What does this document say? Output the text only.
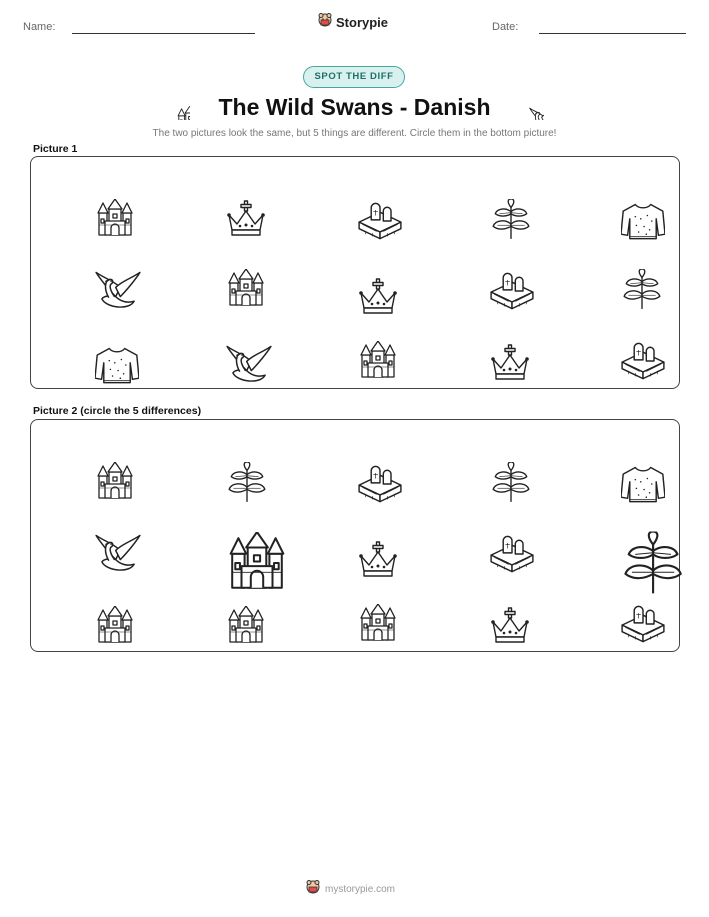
Name:	Storypie	Date:
SPOT THE DIFF
The Wild Swans - Danish
The two pictures look the same, but 5 things are different. Circle them in the bottom picture!
Picture 1
Picture 2 (circle the 5 differences)
mystorypie.com
